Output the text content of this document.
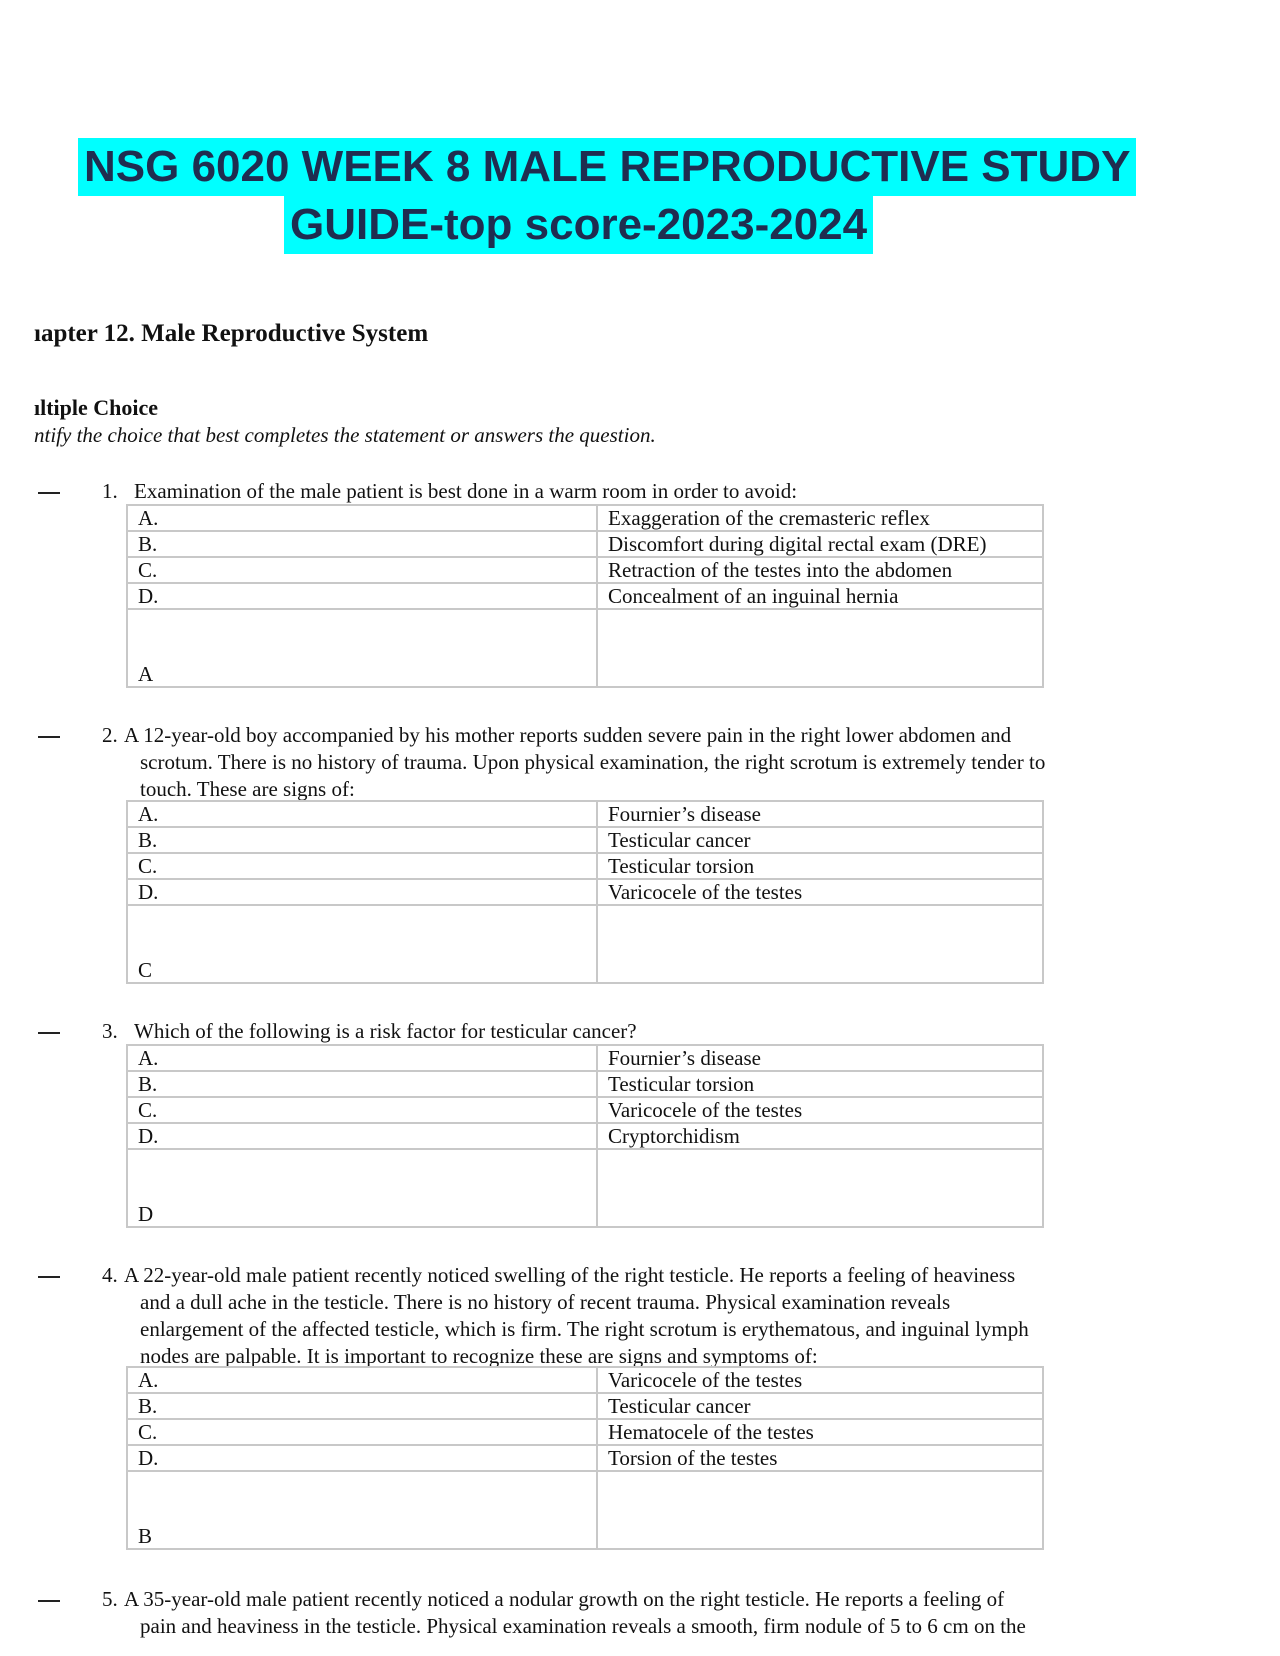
NSG 6020 WEEK 8 MALE REPRODUCTIVE STUDY
GUIDE-top score-2023-2024
ıapter 12. Male Reproductive System
ıltiple Choice
ntify the choice that best completes the statement or answers the question.
1. Examination of the male patient is best done in a warm room in order to avoid:
A.	Exaggeration of the cremasteric reflex
B.	Discomfort during digital rectal exam (DRE)
C.	Retraction of the testes into the abdomen
D.	Concealment of an inguinal hernia
A	
2. A 12-year-old boy accompanied by his mother reports sudden severe pain in the right lower abdomen and
scrotum. There is no history of trauma. Upon physical examination, the right scrotum is extremely tender to
touch. These are signs of:
A.	Fournier’s disease
B.	Testicular cancer
C.	Testicular torsion
D.	Varicocele of the testes
C	
3. Which of the following is a risk factor for testicular cancer?
A.	Fournier’s disease
B.	Testicular torsion
C.	Varicocele of the testes
D.	Cryptorchidism
D	
4. A 22-year-old male patient recently noticed swelling of the right testicle. He reports a feeling of heaviness
and a dull ache in the testicle. There is no history of recent trauma. Physical examination reveals
enlargement of the affected testicle, which is firm. The right scrotum is erythematous, and inguinal lymph
nodes are palpable. It is important to recognize these are signs and symptoms of:
A.	Varicocele of the testes
B.	Testicular cancer
C.	Hematocele of the testes
D.	Torsion of the testes
B	
5. A 35-year-old male patient recently noticed a nodular growth on the right testicle. He reports a feeling of
pain and heaviness in the testicle. Physical examination reveals a smooth, firm nodule of 5 to 6 cm on the
